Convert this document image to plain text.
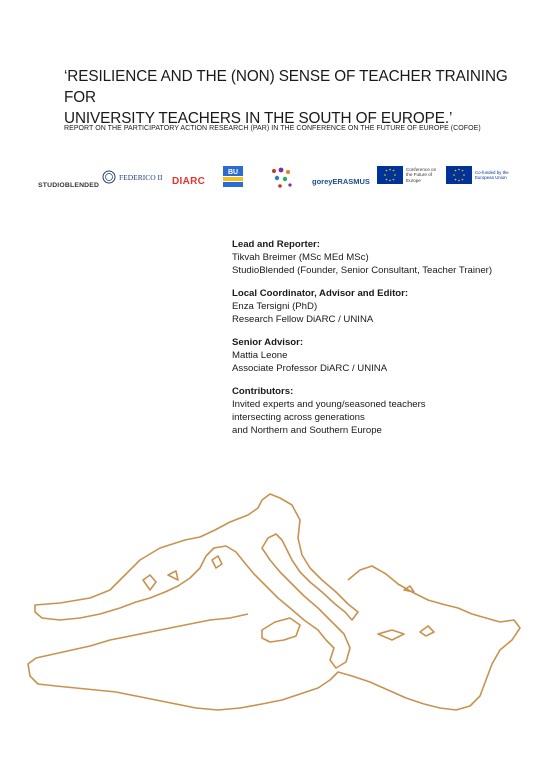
‘RESILIENCE AND THE (NON) SENSE OF TEACHER TRAINING FOR
UNIVERSITY TEACHERS IN THE SOUTH OF EUROPE.’

REPORT ON THE PARTICIPATORY ACTION RESEARCH (PAR) IN THE CONFERENCE ON THE FUTURE OF EUROPE (COFOE)

STUDIOBLENDED
FEDERICO II DIARC
BU
goreyERASMUS
Conference on the Future of Europe
Co-funded by the European Union
Lead and Reporter:
Tikvah Breimer (MSc MEd MSc)
StudioBlended (Founder, Senior Consultant, Teacher Trainer)
Local Coordinator, Advisor and Editor:
Enza Tersigni (PhD)
Research Fellow DiARC / UNINA
Senior Advisor:
Mattia Leone
Associate Professor DiARC / UNINA
Contributors:
Invited experts and young/seasoned teachers
intersecting across generations
and Northern and Southern Europe
